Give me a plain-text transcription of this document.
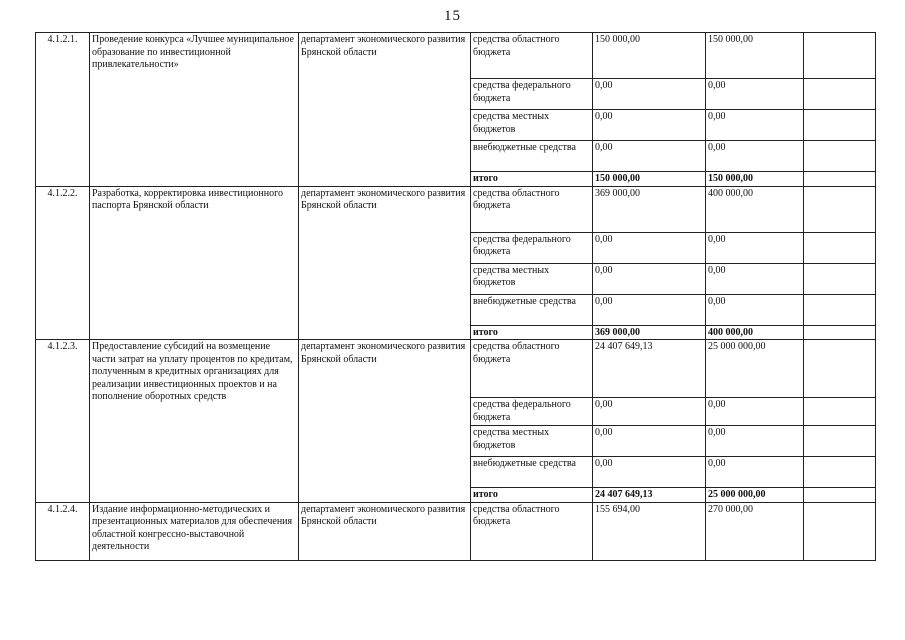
15
4.1.2.1.	Проведение конкурса «Лучшее муниципальное образование по инвестиционной привлекательности»	департамент экономического развития Брянской области	средства областного бюджета	150 000,00	150 000,00	
			средства федерального бюджета	0,00	0,00	
			средства местных бюджетов	0,00	0,00	
			внебюджетные средства	0,00	0,00	
			итого	150 000,00	150 000,00	
4.1.2.2.	Разработка, корректировка инвестиционного паспорта Брянской области	департамент экономического развития Брянской области	средства областного бюджета	369 000,00	400 000,00	
			средства федерального бюджета	0,00	0,00	
			средства местных бюджетов	0,00	0,00	
			внебюджетные средства	0,00	0,00	
			итого	369 000,00	400 000,00	
4.1.2.3.	Предоставление субсидий на возмещение части затрат на уплату процентов по кредитам, полученным в кредитных организациях для реализации инвестиционных проектов и на пополнение оборотных средств	департамент экономического развития Брянской области	средства областного бюджета	24 407 649,13	25 000 000,00	
			средства федерального бюджета	0,00	0,00	
			средства местных бюджетов	0,00	0,00	
			внебюджетные средства	0,00	0,00	
			итого	24 407 649,13	25 000 000,00	
4.1.2.4.	Издание информационно-методических и презентационных материалов для обеспечения областной конгрессно-выставочной деятельности	департамент экономического развития Брянской области	средства областного бюджета	155 694,00	270 000,00	
